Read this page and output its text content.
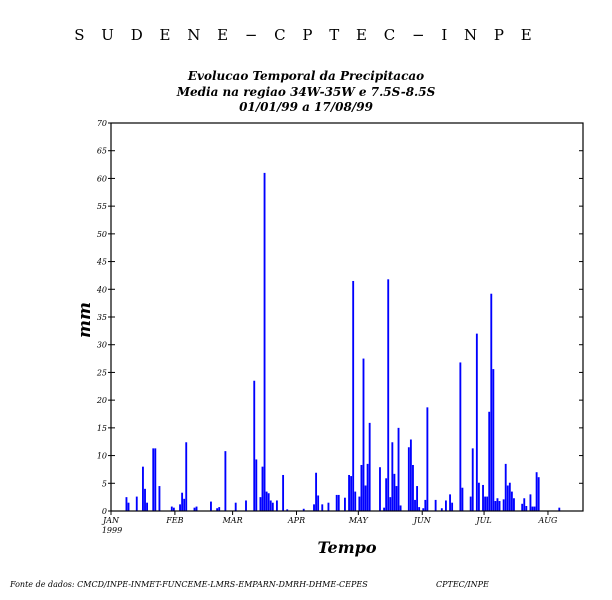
S U D E N E − C P T E C − I N P E
Evolucao Temporal da Precipitacao
Media na regiao 34W-35W e 7.5S-8.5S
01/01/99 a 17/08/99
0
5
10
15
20
25
30
35
40
45
50
55
60
65
70
JAN
1999
FEB	MAR	APR	MAY	JUN	JUL	AUG
mm
Tempo
Fonte de dados: CMCD/INPE-INMET-FUNCEME-LMRS-EMPARN-DMRH-DHME-CEPES	CPTEC/INPE
